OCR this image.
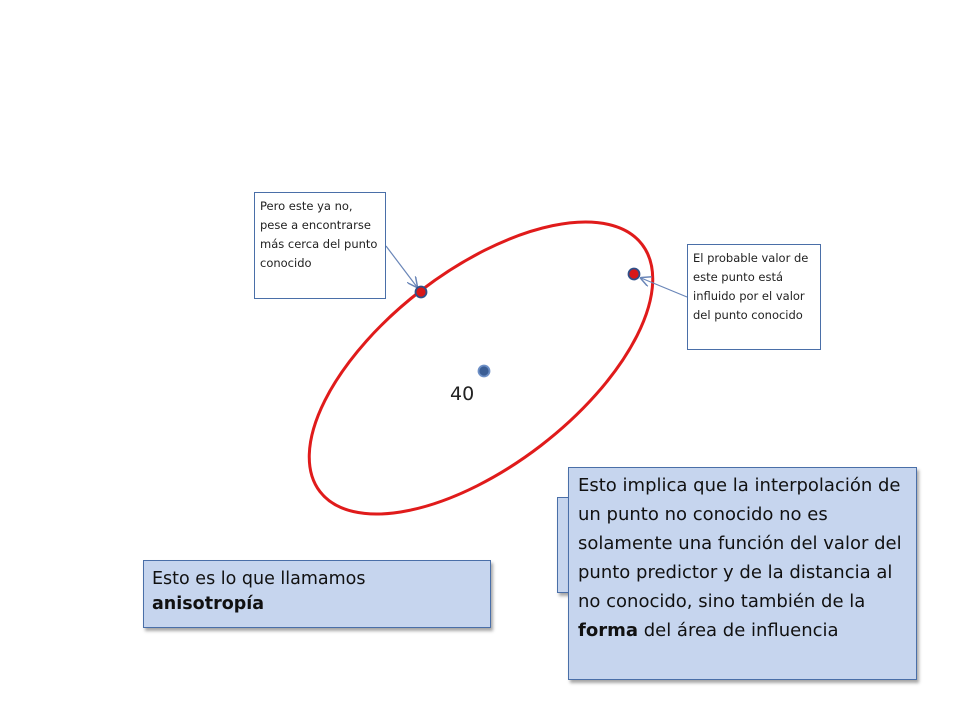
40
Pero este ya no, pese a encontrarse más cerca del punto conocido	El probable valor de este punto está influido por el valor del punto conocido
Esto es lo que llamamos anisotropía
Esto implica que la interpolación de un punto no conocido no es solamente una función del valor del punto predictor y de la distancia al no conocido, sino también de la forma del área de influencia
